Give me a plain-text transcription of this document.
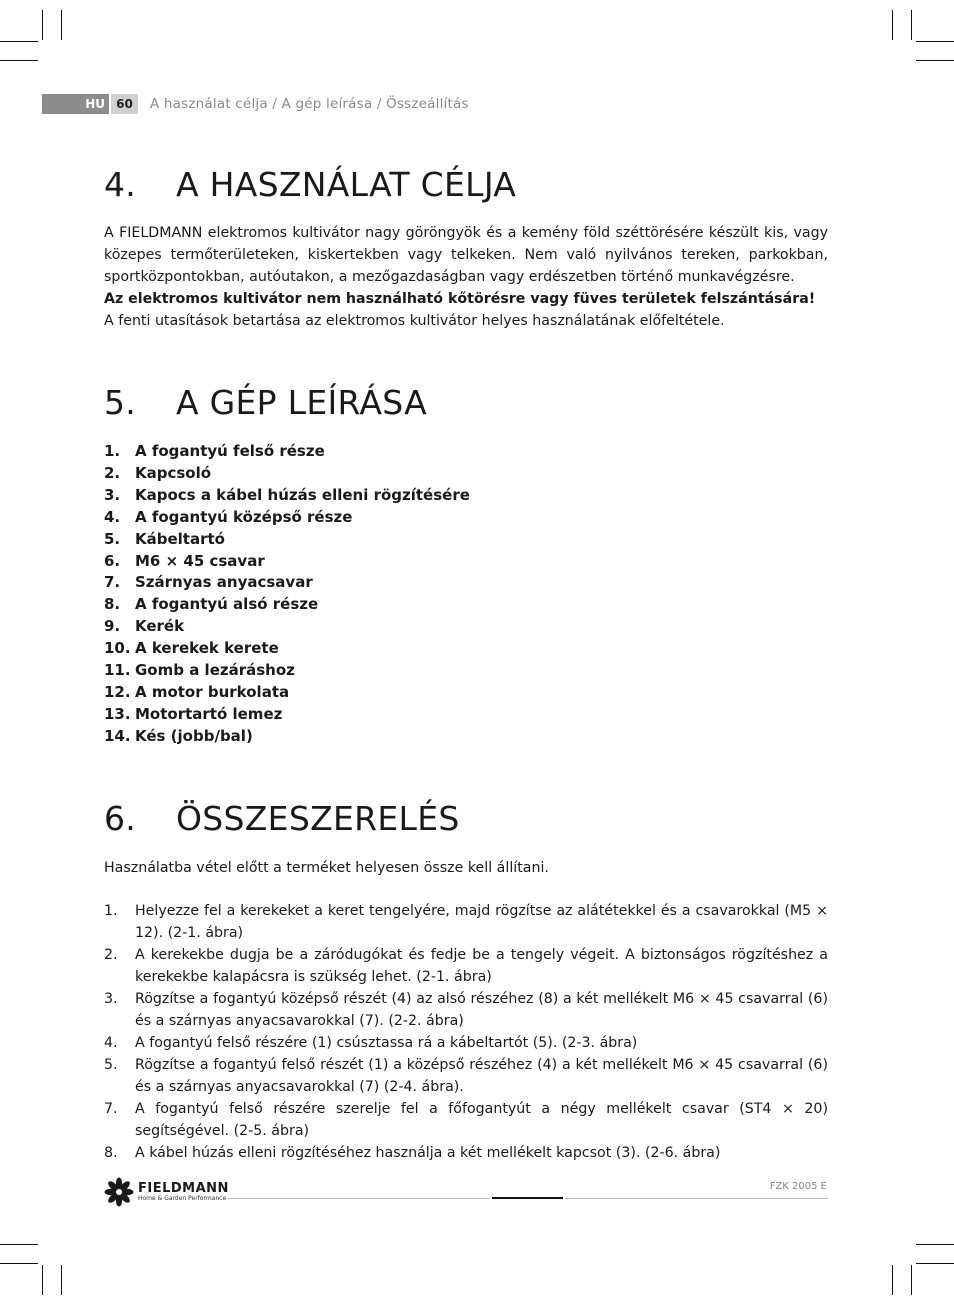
HU 60	A használat célja / A gép leírása / Összeállítás
4. A HASZNÁLAT CÉLJA

A FIELDMANN elektromos kultivátor nagy göröngyök és a kemény föld széttörésére készült kis, vagy közepes termőterületeken, kiskertekben vagy telkeken. Nem való nyilvános tereken, parkokban, sportközpontokban, autóutakon, a mezőgazdaságban vagy erdészetben történő munkavégzésre.

Az elektromos kultivátor nem használható kőtörésre vagy füves területek felszántására!

A fenti utasítások betartása az elektromos kultivátor helyes használatának előfeltétele.

5. A GÉP LEÍRÁSA
1. A fogantyú felső része
2. Kapcsoló
3. Kapocs a kábel húzás elleni rögzítésére
4. A fogantyú középső része
5. Kábeltartó
6. M6 × 45 csavar
7. Szárnyas anyacsavar
8. A fogantyú alsó része
9. Kerék
10. A kerekek kerete
11. Gomb a lezáráshoz
12. A motor burkolata
13. Motortartó lemez
14. Kés (jobb/bal)
6. ÖSSZESZERELÉS

Használatba vétel előtt a terméket helyesen össze kell állítani.

1.	Helyezze fel a kerekeket a keret tengelyére, majd rögzítse az alátétekkel és a csavarokkal (M5 × 12). (2-1. ábra)
2.	A kerekekbe dugja be a záródugókat és fedje be a tengely végeit. A biztonságos rögzítéshez a kerekekbe kalapácsra is szükség lehet. (2-1. ábra)
3.	Rögzítse a fogantyú középső részét (4) az alsó részéhez (8) a két mellékelt M6 × 45 csavarral (6) és a szárnyas anyacsavarokkal (7). (2-2. ábra)
4.	A fogantyú felső részére (1) csúsztassa rá a kábeltartót (5). (2-3. ábra)
5.	Rögzítse a fogantyú felső részét (1) a középső részéhez (4) a két mellékelt M6 × 45 csavarral (6) és a szárnyas anyacsavarokkal (7) (2-4. ábra).
7.	A fogantyú felső részére szerelje fel a főfogantyút a négy mellékelt csavar (ST4 × 20) segítségével. (2-5. ábra)
8.	A kábel húzás elleni rögzítéséhez használja a két mellékelt kapcsot (3). (2-6. ábra)
FIELDMANN
Home & Garden Performance
FZK 2005 E
